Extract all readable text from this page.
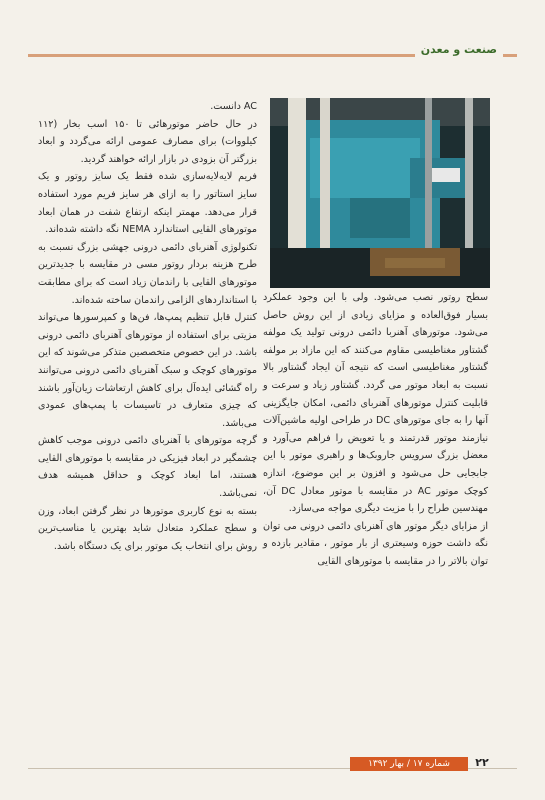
صنعت و معدن

سطح روتور نصب می‌شود. ولی با این وجود عملکرد بسیار فوق‌العاده و مزایای زیادی از این روش حاصل می‌شود. موتورهای آهنربا دائمی درونی تولید یک مولفه گشتاور مغناطیسی مقاوم می‌کنند که این مازاد بر مولفه گشتاور مغناطیسی است که نتیجه آن ایجاد گشتاور بالا نسبت به ابعاد موتور می گردد. گشتاور زیاد و سرعت و قابلیت کنترل موتورهای آهنربای دائمی، امکان جایگزینی آنها را به جای موتورهای DC در طراحی اولیه ماشین‌آلات نیازمند موتور قدرتمند و یا تعویض را فراهم می‌آورد و معضل بزرگ سرویس جاروبک‌ها و راهبری موتور با این جابجایی حل می‌شود و افزون بر این موضوع، اندازه کوچک موتور AC در مقایسه با موتور معادل DC آن، مهندسین طراح را با مزیت دیگری مواجه می‌سازد.

از مزایای دیگر موتور های آهنربای دائمی درونی می توان نگه داشت حوزه وسیعتری از بار موتور ، مقادیر بازده و توان بالاتر را در مقایسه با موتورهای القایی

AC دانست.

در حال حاضر موتورهائی تا ۱۵۰ اسب بخار (۱۱۲ کیلووات) برای مصارف عمومی ارائه می‌گردد و ابعاد بزرگتر آن بزودی در بازار ارائه خواهند گردید.

فریم لایه‌لایه‌سازی شده فقط یک سایز روتور و یک سایز استاتور را به ازای هر سایز فریم مورد استفاده قرار می‌دهد. مهمتر اینکه ارتفاع شفت در همان ابعاد موتورهای القایی استاندارد NEMA نگه داشته شده‌اند.

تکنولوژی آهنربای دائمی درونی جهشی بزرگ نسبت به طرح هزینه بردار روتور مسی در مقایسه با جدیدترین موتورهای القایی با راندمان زیاد است که برای مطابقت با استانداردهای الزامی راندمان ساخته شده‌اند.

کنترل قابل تنظیم پمپ‌ها، فن‌ها و کمپرسورها می‌تواند مزیتی برای استفاده از موتورهای آهنربای دائمی درونی باشد. در این خصوص متخصصین متذکر می‌شوند که این موتورهای کوچک و سبک آهنربای دائمی درونی می‌توانند راه گشائی ایده‌آل برای کاهش ارتعاشات زیان‌آور باشند که چیزی متعارف در تاسیسات با پمپ‌های عمودی می‌باشد.

گرچه موتورهای با آهنربای دائمی درونی موجب کاهش چشمگیر در ابعاد فیزیکی در مقایسه با موتورهای القایی هستند، اما ابعاد کوچک و حداقل همیشه هدف نمی‌باشد.

بسته به نوع کاربری موتورها در نظر گرفتن ابعاد، وزن و سطح عملکرد متعادل شاید بهترین یا مناسب‌ترین روش برای انتخاب یک موتور برای یک دستگاه باشد.

شماره ۱۷ / بهار ۱۳۹۲	۲۲
